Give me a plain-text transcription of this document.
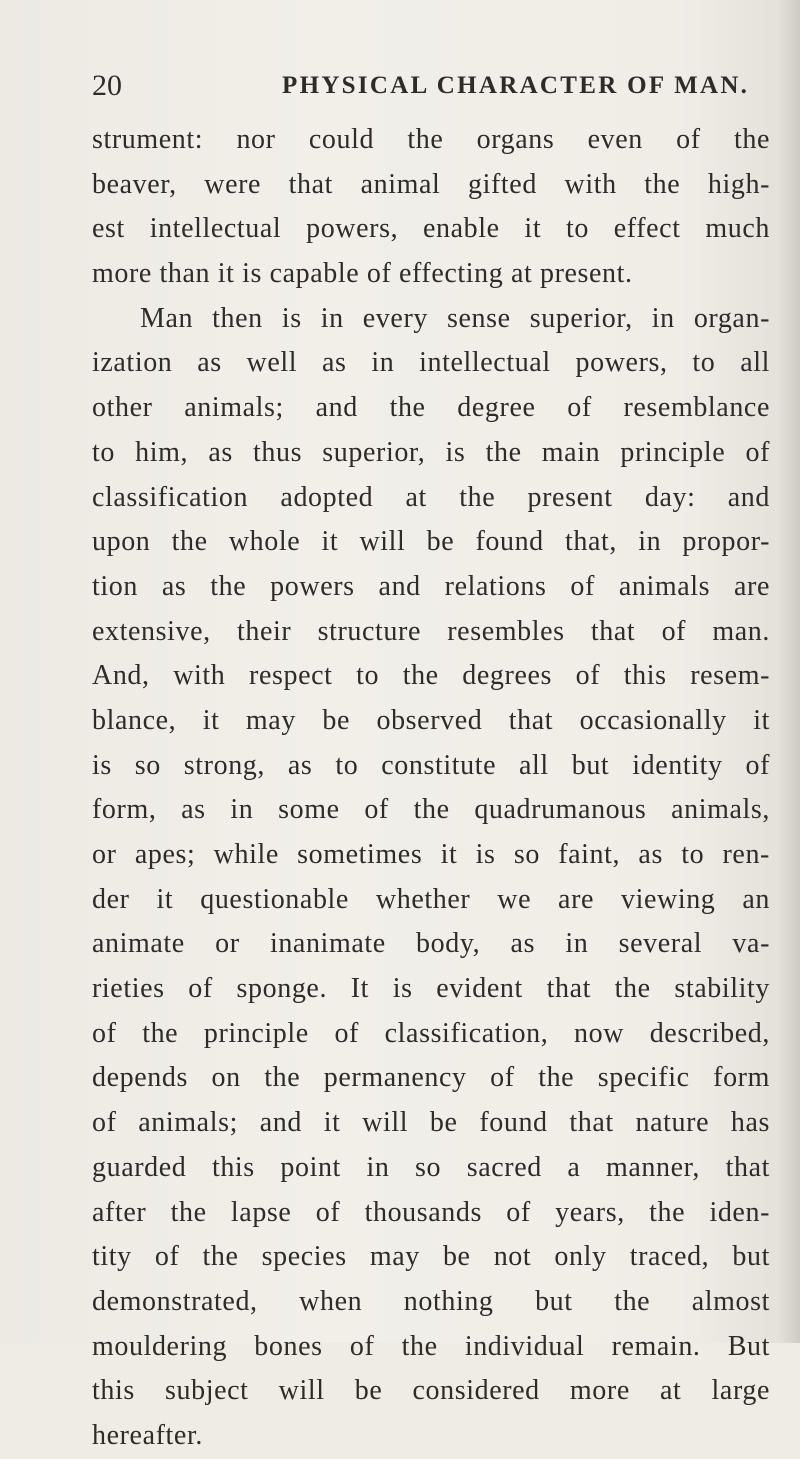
20	PHYSICAL CHARACTER OF MAN.
strument: nor could the organs even of the
beaver, were that animal gifted with the high-
est intellectual powers, enable it to effect much
more than it is capable of effecting at present.
Man then is in every sense superior, in organ-
ization as well as in intellectual powers, to all
other animals; and the degree of resemblance
to him, as thus superior, is the main principle of
classification adopted at the present day: and
upon the whole it will be found that, in propor-
tion as the powers and relations of animals are
extensive, their structure resembles that of man.
And, with respect to the degrees of this resem-
blance, it may be observed that occasionally it
is so strong, as to constitute all but identity of
form, as in some of the quadrumanous animals,
or apes; while sometimes it is so faint, as to ren-
der it questionable whether we are viewing an
animate or inanimate body, as in several va-
rieties of sponge. It is evident that the stability
of the principle of classification, now described,
depends on the permanency of the specific form
of animals; and it will be found that nature has
guarded this point in so sacred a manner, that
after the lapse of thousands of years, the iden-
tity of the species may be not only traced, but
demonstrated, when nothing but the almost
mouldering bones of the individual remain. But
this subject will be considered more at large
hereafter.
